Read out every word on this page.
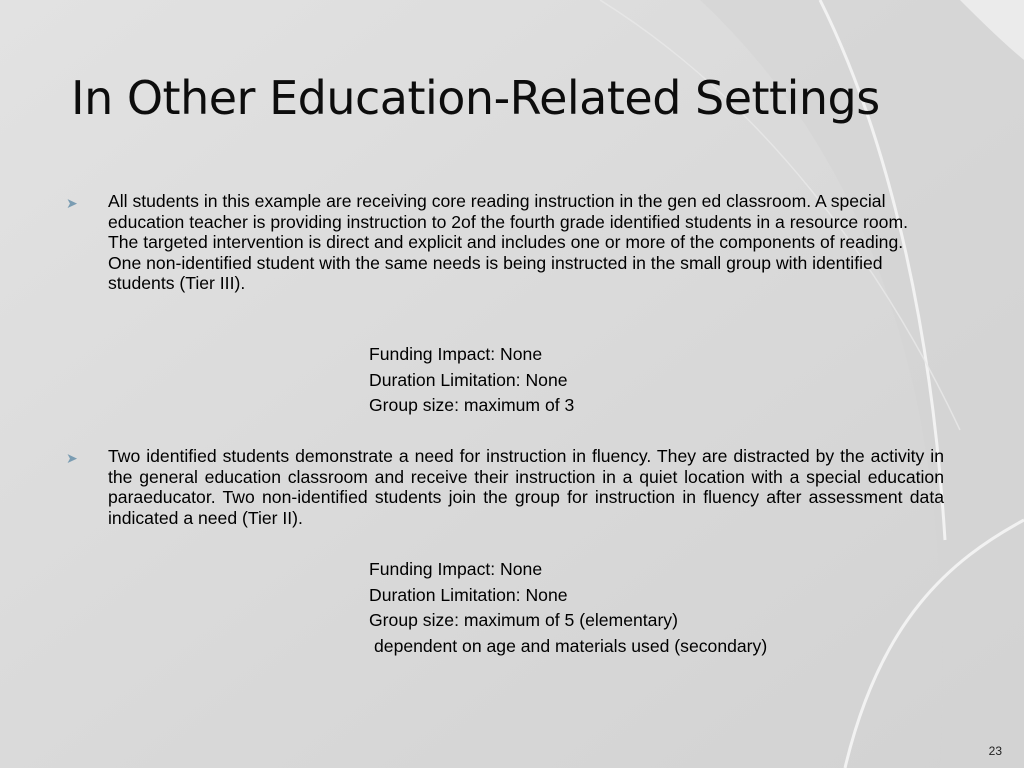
In Other Education-Related Settings
➤ All students in this example are receiving core reading instruction in the gen ed classroom. A special education teacher is providing instruction to 2of the fourth grade identified students in a resource room. The targeted intervention is direct and explicit and includes one or more of the components of reading. One non-identified student with the same needs is being instructed in the small group with identified students (Tier III).
Funding Impact: None
Duration Limitation: None
Group size: maximum of 3
➤ Two identified students demonstrate a need for instruction in fluency. They are distracted by the activity in the general education classroom and receive their instruction in a quiet location with a special education paraeducator. Two non-identified students join the group for instruction in fluency after assessment data indicated a need (Tier II).
Funding Impact: None
Duration Limitation: None
Group size: maximum of 5 (elementary)
dependent on age and materials used (secondary)
23
